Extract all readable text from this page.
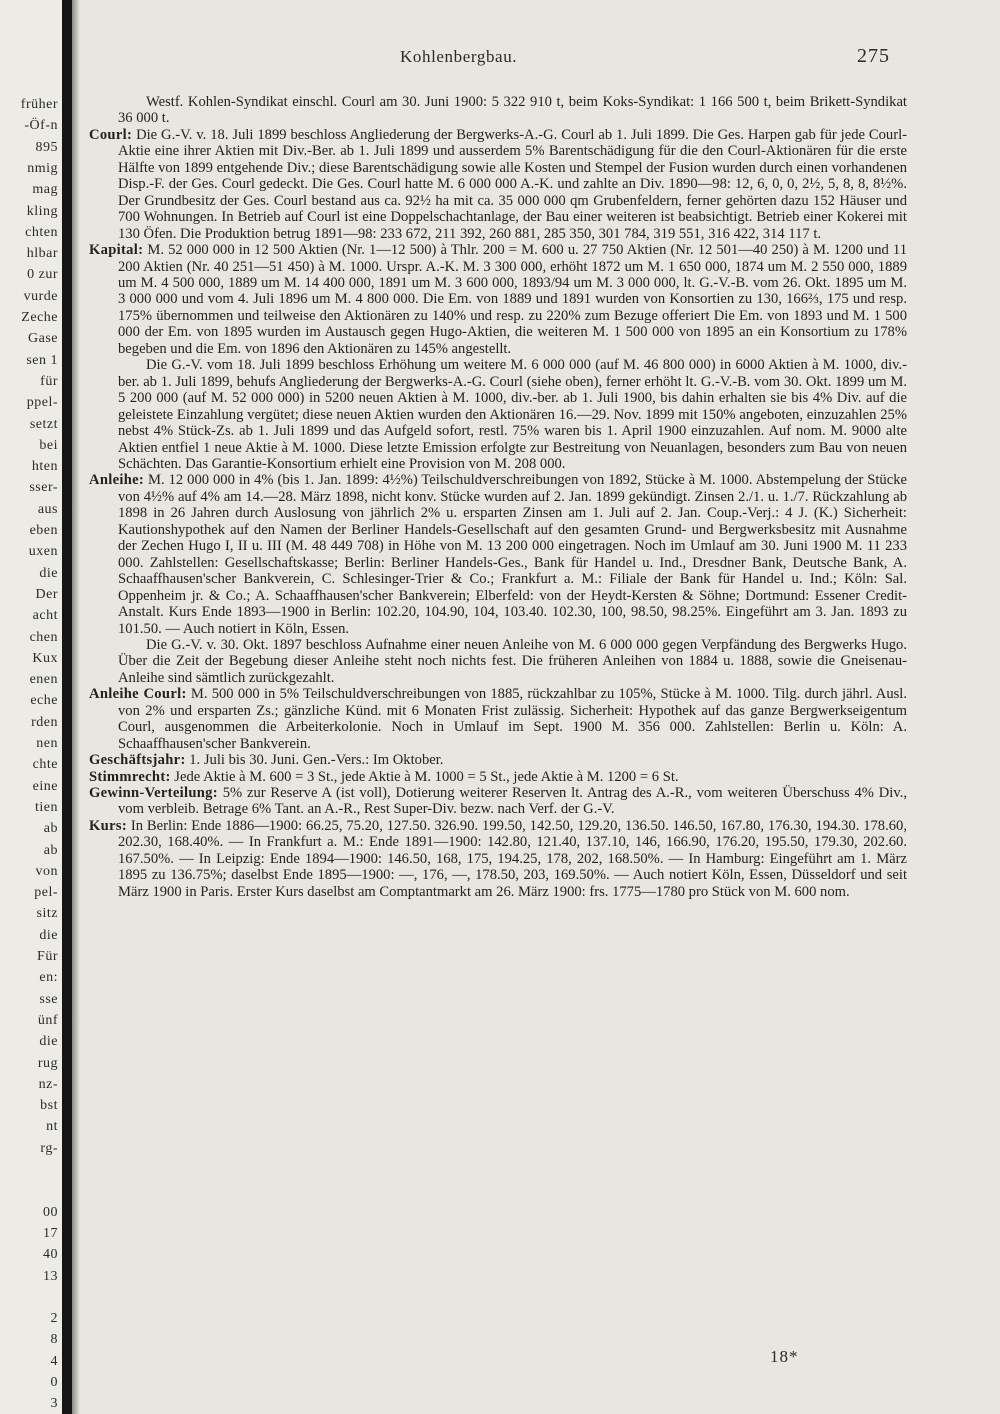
früher
-Öf-n
895
nmig
mag
kling
chten
hlbar
0 zur
vurde
Zeche
Gase
sen 1
für
ppel-
setzt
bei
hten
sser-
aus
eben
uxen
die
Der
acht
chen
Kux
enen
eche
rden
nen
chte
eine
tien
ab
ab
von
pel-
sitz
die
Für
en:
sse
ünf
die
rug
nz-
bst
nt
rg-
00
17
40
13
2
8
4
0
3
Kohlenbergbau.	275

Westf. Kohlen-Syndikat einschl. Courl am 30. Juni 1900: 5 322 910 t, beim Koks-Syndikat: 1 166 500 t, beim Brikett-Syndikat 36 000 t.

Courl: Die G.-V. v. 18. Juli 1899 beschloss Angliederung der Bergwerks-A.-G. Courl ab 1. Juli 1899. Die Ges. Harpen gab für jede Courl-Aktie eine ihrer Aktien mit Div.-Ber. ab 1. Juli 1899 und ausserdem 5% Barentschädigung für die den Courl-Aktionären für die erste Hälfte von 1899 entgehende Div.; diese Barentschädigung sowie alle Kosten und Stempel der Fusion wurden durch einen vorhandenen Disp.-F. der Ges. Courl gedeckt. Die Ges. Courl hatte M. 6 000 000 A.-K. und zahlte an Div. 1890—98: 12, 6, 0, 0, 2½, 5, 8, 8, 8½%. Der Grundbesitz der Ges. Courl bestand aus ca. 92½ ha mit ca. 35 000 000 qm Grubenfeldern, ferner gehörten dazu 152 Häuser und 700 Wohnungen. In Betrieb auf Courl ist eine Doppelschachtanlage, der Bau einer weiteren ist beabsichtigt. Betrieb einer Kokerei mit 130 Öfen. Die Produktion betrug 1891—98: 233 672, 211 392, 260 881, 285 350, 301 784, 319 551, 316 422, 314 117 t.

Kapital: M. 52 000 000 in 12 500 Aktien (Nr. 1—12 500) à Thlr. 200 = M. 600 u. 27 750 Aktien (Nr. 12 501—40 250) à M. 1200 und 11 200 Aktien (Nr. 40 251—51 450) à M. 1000. Urspr. A.-K. M. 3 300 000, erhöht 1872 um M. 1 650 000, 1874 um M. 2 550 000, 1889 um M. 4 500 000, 1889 um M. 14 400 000, 1891 um M. 3 600 000, 1893/94 um M. 3 000 000, lt. G.-V.-B. vom 26. Okt. 1895 um M. 3 000 000 und vom 4. Juli 1896 um M. 4 800 000. Die Em. von 1889 und 1891 wurden von Konsortien zu 130, 166⅔, 175 und resp. 175% übernommen und teilweise den Aktionären zu 140% und resp. zu 220% zum Bezuge offeriert Die Em. von 1893 und M. 1 500 000 der Em. von 1895 wurden im Austausch gegen Hugo-Aktien, die weiteren M. 1 500 000 von 1895 an ein Konsortium zu 178% begeben und die Em. von 1896 den Aktionären zu 145% angestellt.

Die G.-V. vom 18. Juli 1899 beschloss Erhöhung um weitere M. 6 000 000 (auf M. 46 800 000) in 6000 Aktien à M. 1000, div.-ber. ab 1. Juli 1899, behufs Angliederung der Bergwerks-A.-G. Courl (siehe oben), ferner erhöht lt. G.-V.-B. vom 30. Okt. 1899 um M. 5 200 000 (auf M. 52 000 000) in 5200 neuen Aktien à M. 1000, div.-ber. ab 1. Juli 1900, bis dahin erhalten sie bis 4% Div. auf die geleistete Einzahlung vergütet; diese neuen Aktien wurden den Aktionären 16.—29. Nov. 1899 mit 150% angeboten, einzuzahlen 25% nebst 4% Stück-Zs. ab 1. Juli 1899 und das Aufgeld sofort, restl. 75% waren bis 1. April 1900 einzuzahlen. Auf nom. M. 9000 alte Aktien entfiel 1 neue Aktie à M. 1000. Diese letzte Emission erfolgte zur Bestreitung von Neuanlagen, besonders zum Bau von neuen Schächten. Das Garantie-Konsortium erhielt eine Provision von M. 208 000.

Anleihe: M. 12 000 000 in 4% (bis 1. Jan. 1899: 4½%) Teilschuldverschreibungen von 1892, Stücke à M. 1000. Abstempelung der Stücke von 4½% auf 4% am 14.—28. März 1898, nicht konv. Stücke wurden auf 2. Jan. 1899 gekündigt. Zinsen 2./1. u. 1./7. Rückzahlung ab 1898 in 26 Jahren durch Auslosung von jährlich 2% u. ersparten Zinsen am 1. Juli auf 2. Jan. Coup.-Verj.: 4 J. (K.) Sicherheit: Kautionshypothek auf den Namen der Berliner Handels-Gesellschaft auf den gesamten Grund- und Bergwerksbesitz mit Ausnahme der Zechen Hugo I, II u. III (M. 48 449 708) in Höhe von M. 13 200 000 eingetragen. Noch im Umlauf am 30. Juni 1900 M. 11 233 000. Zahlstellen: Gesellschaftskasse; Berlin: Berliner Handels-Ges., Bank für Handel u. Ind., Dresdner Bank, Deutsche Bank, A. Schaaffhausen'scher Bankverein, C. Schlesinger-Trier & Co.; Frankfurt a. M.: Filiale der Bank für Handel u. Ind.; Köln: Sal. Oppenheim jr. & Co.; A. Schaaffhausen'scher Bankverein; Elberfeld: von der Heydt-Kersten & Söhne; Dortmund: Essener Credit-Anstalt. Kurs Ende 1893—1900 in Berlin: 102.20, 104.90, 104, 103.40. 102.30, 100, 98.50, 98.25%. Eingeführt am 3. Jan. 1893 zu 101.50. — Auch notiert in Köln, Essen.

Die G.-V. v. 30. Okt. 1897 beschloss Aufnahme einer neuen Anleihe von M. 6 000 000 gegen Verpfändung des Bergwerks Hugo. Über die Zeit der Begebung dieser Anleihe steht noch nichts fest. Die früheren Anleihen von 1884 u. 1888, sowie die Gneisenau-Anleihe sind sämtlich zurückgezahlt.

Anleihe Courl: M. 500 000 in 5% Teilschuldverschreibungen von 1885, rückzahlbar zu 105%, Stücke à M. 1000. Tilg. durch jährl. Ausl. von 2% und ersparten Zs.; gänzliche Künd. mit 6 Monaten Frist zulässig. Sicherheit: Hypothek auf das ganze Bergwerkseigentum Courl, ausgenommen die Arbeiterkolonie. Noch in Umlauf im Sept. 1900 M. 356 000. Zahlstellen: Berlin u. Köln: A. Schaaffhausen'scher Bankverein.

Geschäftsjahr: 1. Juli bis 30. Juni. Gen.-Vers.: Im Oktober.

Stimmrecht: Jede Aktie à M. 600 = 3 St., jede Aktie à M. 1000 = 5 St., jede Aktie à M. 1200 = 6 St.

Gewinn-Verteilung: 5% zur Reserve A (ist voll), Dotierung weiterer Reserven lt. Antrag des A.-R., vom weiteren Überschuss 4% Div., vom verbleib. Betrage 6% Tant. an A.-R., Rest Super-Div. bezw. nach Verf. der G.-V.

Kurs: In Berlin: Ende 1886—1900: 66.25, 75.20, 127.50. 326.90. 199.50, 142.50, 129.20, 136.50. 146.50, 167.80, 176.30, 194.30. 178.60, 202.30, 168.40%. — In Frankfurt a. M.: Ende 1891—1900: 142.80, 121.40, 137.10, 146, 166.90, 176.20, 195.50, 179.30, 202.60. 167.50%. — In Leipzig: Ende 1894—1900: 146.50, 168, 175, 194.25, 178, 202, 168.50%. — In Hamburg: Eingeführt am 1. März 1895 zu 136.75%; daselbst Ende 1895—1900: —, 176, —, 178.50, 203, 169.50%. — Auch notiert Köln, Essen, Düsseldorf und seit März 1900 in Paris. Erster Kurs daselbst am Comptantmarkt am 26. März 1900: frs. 1775—1780 pro Stück von M. 600 nom.

18*
